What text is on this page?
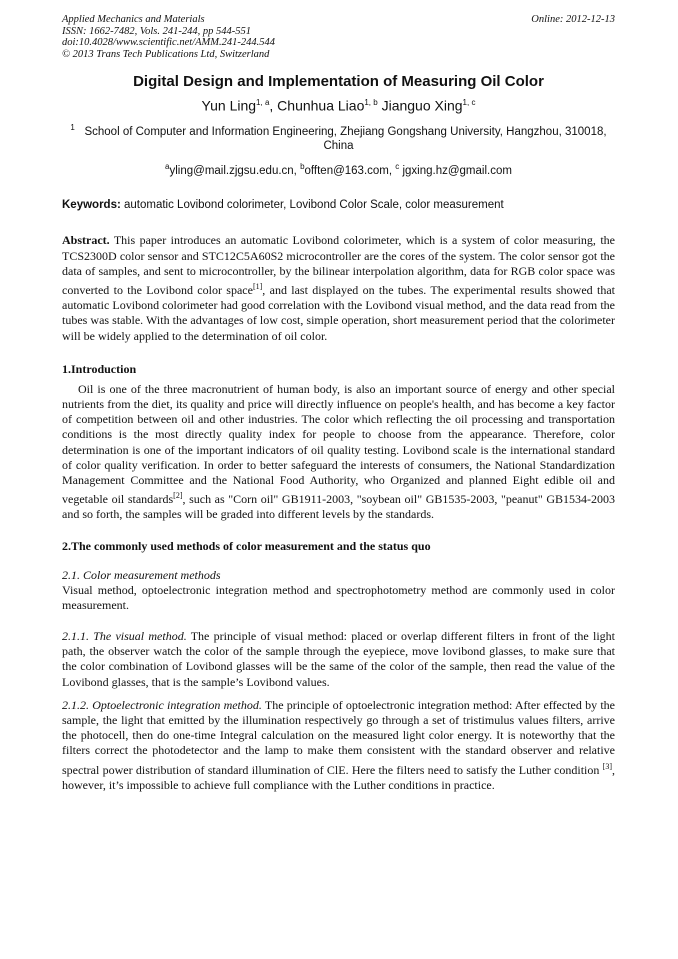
Applied Mechanics and Materials
ISSN: 1662-7482, Vols. 241-244, pp 544-551
doi:10.4028/www.scientific.net/AMM.241-244.544
© 2013 Trans Tech Publications Ltd, Switzerland
Online: 2012-12-13
Digital Design and Implementation of Measuring Oil Color
Yun Ling$^{1, a}$, Chunhua Liao$^{1, b}$ Jianguo Xing$^{1, c}$
$^1$ School of Computer and Information Engineering, Zhejiang Gongshang University, Hangzhou, 310018, China
$^a$yling@mail.zjgsu.edu.cn, $^b$offten@163.com, $^c$ jgxing.hz@gmail.com
Keywords: automatic Lovibond colorimeter, Lovibond Color Scale, color measurement

Abstract. This paper introduces an automatic Lovibond colorimeter, which is a system of color measuring, the TCS2300D color sensor and STC12C5A60S2 microcontroller are the cores of the system. The color sensor got the data of samples, and sent to microcontroller, by the bilinear interpolation algorithm, data for RGB color space was converted to the Lovibond color space[1], and last displayed on the tubes. The experimental results showed that automatic Lovibond colorimeter had good correlation with the Lovibond visual method, and the data read from the tubes was stable. With the advantages of low cost, simple operation, short measurement period that the colorimeter will be widely applied to the determination of oil color.

1.Introduction

Oil is one of the three macronutrient of human body, is also an important source of energy and other special nutrients from the diet, its quality and price will directly influence on people's health, and has become a key factor of competition between oil and other industries. The color which reflecting the oil processing and transportation conditions is the most directly quality index for people to choose from the appearance. Therefore, color determination is one of the important indicators of oil quality testing. Lovibond scale is the international standard of color quality verification. In order to better safeguard the interests of consumers, the National Standardization Management Committee and the National Food Authority, who Organized and planned Eight edible oil and vegetable oil standards[2], such as "Corn oil" GB1911-2003, "soybean oil" GB1535-2003, "peanut" GB1534-2003 and so forth, the samples will be graded into different levels by the standards.

2.The commonly used methods of color measurement and the status quo
2.1. Color measurement methods

Visual method, optoelectronic integration method and spectrophotometry method are commonly used in color measurement.

2.1.1. The visual method. The principle of visual method: placed or overlap different filters in front of the light path, the observer watch the color of the sample through the eyepiece, move lovibond glasses, to make sure that the color combination of Lovibond glasses will be the same of the color of the sample, then read the value of the Lovibond glasses, that is the sample’s Lovibond values.

2.1.2. Optoelectronic integration method. The principle of optoelectronic integration method: After effected by the sample, the light that emitted by the illumination respectively go through a set of tristimulus values filters, arrive the photocell, then do one-time Integral calculation on the measured light color energy. It is noteworthy that the filters correct the photodetector and the lamp to make them consistent with the standard observer and relative spectral power distribution of standard illumination of ClE. Here the filters need to satisfy the Luther condition [3], however, it’s impossible to achieve full compliance with the Luther conditions in practice.
